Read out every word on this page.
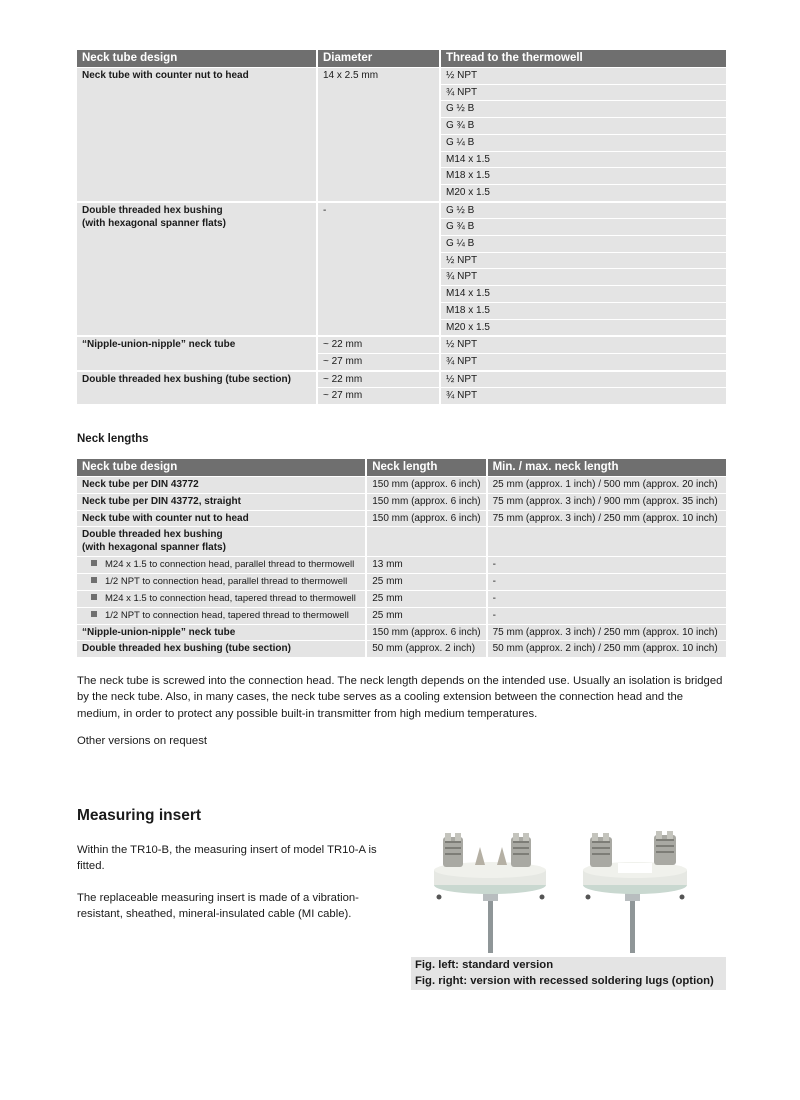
Neck tube design	Diameter	Thread to the thermowell

Neck tube with counter nut to head	14 x 2.5 mm	½ NPT
		¾ NPT
		G ½ B
		G ¾ B
		G ¼ B
		M14 x 1.5
		M18 x 1.5
		M20 x 1.5

Double threaded hex bushing
(with hexagonal spanner flats)	-	G ½ B
		G ¾ B
		G ¼ B
		½ NPT
		¾ NPT
		M14 x 1.5
		M18 x 1.5
		M20 x 1.5
“Nipple-union-nipple” neck tube	~ 22 mm	½ NPT
	~ 27 mm	¾ NPT
Double threaded hex bushing (tube section)	~ 22 mm	½ NPT
	~ 27 mm	¾ NPT
Neck lengths
Neck tube design	Neck length	Min. / max. neck length
Neck tube per DIN 43772	150 mm (approx. 6 inch)	25 mm (approx. 1 inch) / 500 mm (approx. 20 inch)
Neck tube per DIN 43772, straight	150 mm (approx. 6 inch)	75 mm (approx. 3 inch) / 900 mm (approx. 35 inch)
Neck tube with counter nut to head	150 mm (approx. 6 inch)	75 mm (approx. 3 inch) / 250 mm (approx. 10 inch)

Double threaded hex bushing
(with hexagonal spanner flats)		

M24 x 1.5 to connection head, parallel thread to thermowell	13 mm	-
1/2 NPT to connection head, parallel thread to thermowell	25 mm	-
M24 x 1.5 to connection head, tapered thread to thermowell	25 mm	-
1/2 NPT to connection head, tapered thread to thermowell	25 mm	-
“Nipple-union-nipple” neck tube	150 mm (approx. 6 inch)	75 mm (approx. 3 inch) / 250 mm (approx. 10 inch)
Double threaded hex bushing (tube section)	50 mm (approx. 2 inch)	50 mm (approx. 2 inch) / 250 mm (approx. 10 inch)

The neck tube is screwed into the connection head. The neck length depends on the intended use. Usually an isolation is bridged by the neck tube. Also, in many cases, the neck tube serves as a cooling extension between the connection head and the medium, in order to protect any possible built-in transmitter from high medium temperatures.

Other versions on request

Measuring insert

Within the TR10-B, the measuring insert of model TR10-A is fitted.

The replaceable measuring insert is made of a vibration-resistant, sheathed, mineral-insulated cable (MI cable).

Fig. left: standard version
Fig. right: version with recessed soldering lugs (option)
